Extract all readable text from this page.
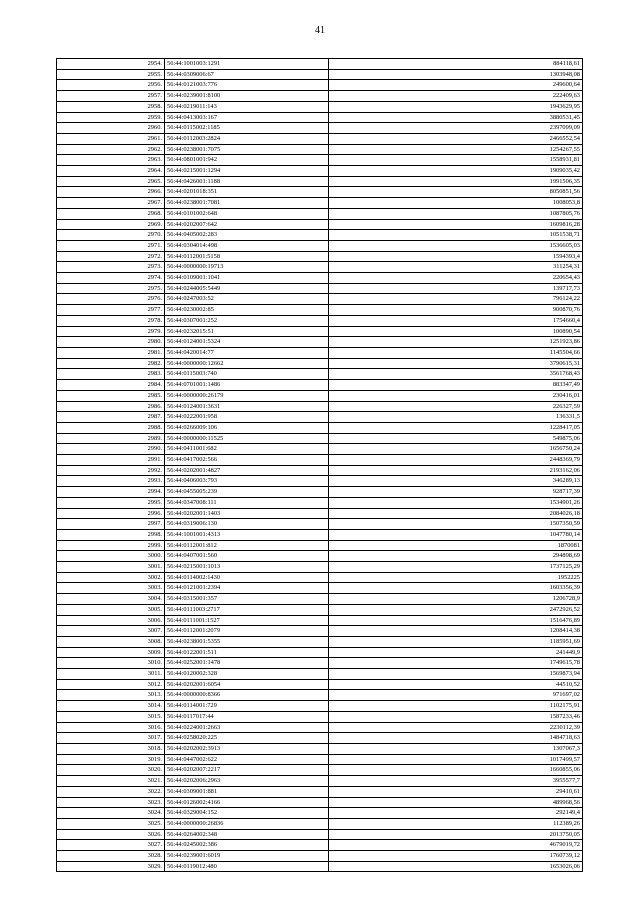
41
2954.	56:44:1001003:1291	884118,61
2955.	56:44:0309006:67	1303948,08
2956.	56:44:0121003:776	249600,64
2957.	56:44:0239001:8100	222409,63
2958.	56:44:0219011:143	1943629,95
2959.	56:44:0413003:167	3880531,45
2960.	56:44:0115002:1185	2397099,09
2961.	56:44:0112003:2824	2466552,54
2962.	56:44:0238001:7075	1254267,55
2963.	56:44:0801001:942	1558931,81
2964.	56:44:0215001:1294	1909035,42
2965.	56:44:0426001:1188	1991506,35
2966.	56:44:0201018:351	8050851,56
2967.	56:44:0238001:7081	1008053,8
2968.	56:44:0101002:648	1087805,76
2969.	56:44:0202007:642	1609816,28
2970.	56:44:0405002:283	1051538,71
2971.	56:44:0304014:498	1536605,03
2972.	56:44:0112001:5158	1594393,4
2973.	56:44:0000000:19713	311254,31
2974.	56:44:0109001:1041	220654,43
2975.	56:44:0244005:5449	139717,73
2976.	56:44:0247003:52	796124,22
2977.	56:44:0230002:85	900870,76
2978.	56:44:0307001:252	1754660,4
2979.	56:44:0232015:51	100890,54
2980.	56:44:0124001:5324	1251923,86
2981.	56:44:0420014:77	1145504,66
2982.	56:44:0000000:12662	3790615,31
2983.	56:44:0115003:740	3561768,43
2984.	56:44:0701001:1486	883347,49
2985.	56:44:0000000:26179	230416,01
2986.	56:44:0124001:3631	226327,59
2987.	56:44:0222001:958	136331,5
2988.	56:44:0266009:106	1228417,05
2989.	56:44:0000000:11525	549875,06
2990.	56:44:0411001:682	1656750,24
2991.	56:44:0417002:566	2448369,79
2992.	56:44:0202001:4827	2193162,06
2993.	56:44:0406003:793	346289,13
2994.	56:44:0455005:239	928717,39
2995.	56:44:0347008:111	1534901,26
2996.	56:44:0202001:1403	2084026,18
2997.	56:44:0319006:130	1507350,59
2998.	56:44:1001001:4313	1047780,14
2999.	56:44:0112001:812	1870081
3000.	56:44:0407001:560	294898,69
3001.	56:44:0215001:1013	1737125,29
3002.	56:44:0114002:1430	1952225
3003.	56:44:0121001:2394	1603356,39
3004.	56:44:0315001:357	1206728,9
3005.	56:44:0111003:2717	2472926,52
3006.	56:44:0111001:1527	1516476,89
3007.	56:44:0112001:2079	1208414,38
3008.	56:44:0238001:5355	1185951,69
3009.	56:44:0122001:511	241449,9
3010.	56:44:0252001:1478	1749615,78
3011.	56:44:0120002:328	1569873,94
3012.	56:44:0202001:6054	44510,52
3013.	56:44:0000000:8366	971697,02
3014.	56:44:0114001:729	1102175,91
3015.	56:44:0117017:44	1587233,46
3016.	56:44:0224001:2663	2230112,39
3017.	56:44:0258020:225	1484718,63
3018.	56:44:0202002:3913	1307067,3
3019.	56:44:0447002:622	1017499,57
3020.	56:44:0202007:2217	1660855,06
3021.	56:44:0202006:2963	3955577,7
3022.	56:44:0309001:881	29410,61
3023.	56:44:0126002:4166	489968,56
3024.	56:44:0329004:152	292149,4
3025.	56:44:0000000:26836	112389,26
3026.	56:44:0264002:348	2013750,05
3027.	56:44:0245002:386	4679019,72
3028.	56:44:0239001:6019	1760739,12
3029.	56:44:0119012:480	1653026,06
